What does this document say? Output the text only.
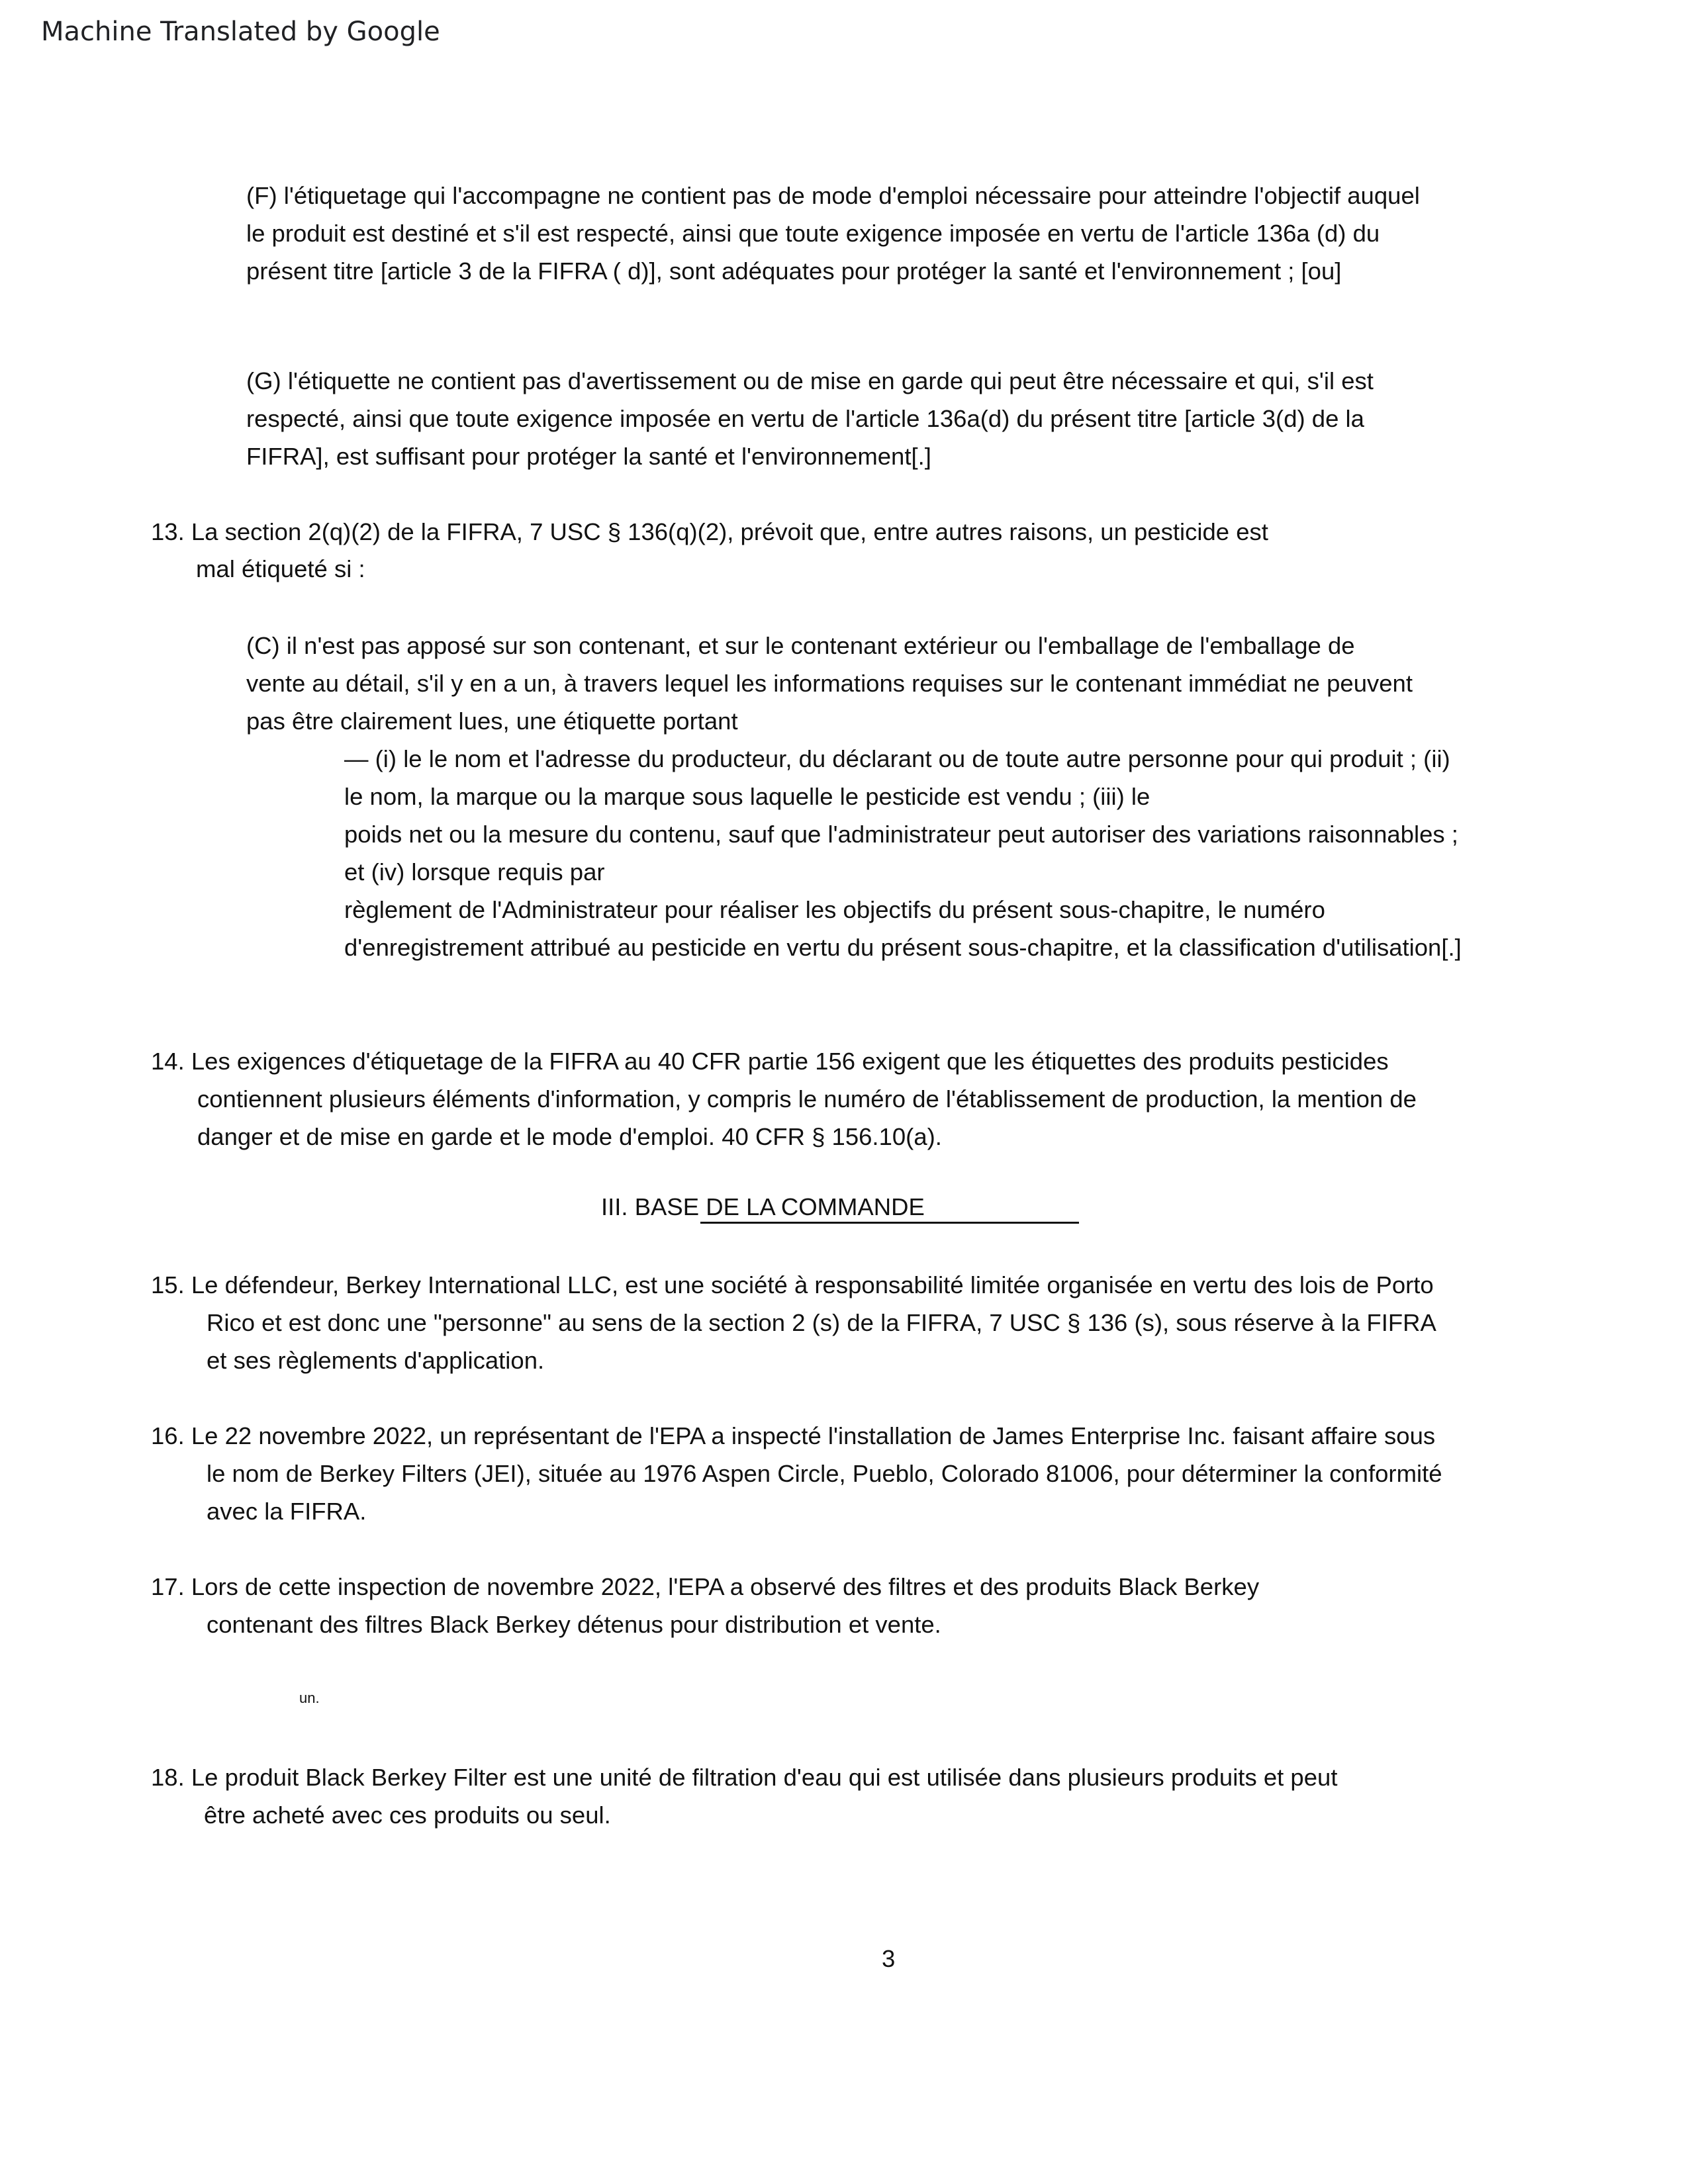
Machine Translated by Google

(F) l'étiquetage qui l'accompagne ne contient pas de mode d'emploi nécessaire pour atteindre l'objectif auquel

le produit est destiné et s'il est respecté, ainsi que toute exigence imposée en vertu de l'article 136a (d) du

présent titre [article 3 de la FIFRA ( d)], sont adéquates pour protéger la santé et l'environnement ; [ou]

(G) l'étiquette ne contient pas d'avertissement ou de mise en garde qui peut être nécessaire et qui, s'il est

respecté, ainsi que toute exigence imposée en vertu de l'article 136a(d) du présent titre [article 3(d) de la

FIFRA], est suffisant pour protéger la santé et l'environnement[.]

13. La section 2(q)(2) de la FIFRA, 7 USC § 136(q)(2), prévoit que, entre autres raisons, un pesticide est

mal étiqueté si :

(C) il n'est pas apposé sur son contenant, et sur le contenant extérieur ou l'emballage de l'emballage de

vente au détail, s'il y en a un, à travers lequel les informations requises sur le contenant immédiat ne peuvent

pas être clairement lues, une étiquette portant

— (i) le le nom et l'adresse du producteur, du déclarant ou de toute autre personne pour qui produit ; (ii)

le nom, la marque ou la marque sous laquelle le pesticide est vendu ; (iii) le

poids net ou la mesure du contenu, sauf que l'administrateur peut autoriser des variations raisonnables ;

et (iv) lorsque requis par

règlement de l'Administrateur pour réaliser les objectifs du présent sous-chapitre, le numéro

d'enregistrement attribué au pesticide en vertu du présent sous-chapitre, et la classification d'utilisation[.]

14. Les exigences d'étiquetage de la FIFRA au 40 CFR partie 156 exigent que les étiquettes des produits pesticides

contiennent plusieurs éléments d'information, y compris le numéro de l'établissement de production, la mention de

danger et de mise en garde et le mode d'emploi. 40 CFR § 156.10(a).

III. BASE DE LA COMMANDE

15. Le défendeur, Berkey International LLC, est une société à responsabilité limitée organisée en vertu des lois de Porto

Rico et est donc une "personne" au sens de la section 2 (s) de la FIFRA, 7 USC § 136 (s), sous réserve à la FIFRA

et ses règlements d'application.

16. Le 22 novembre 2022, un représentant de l'EPA a inspecté l'installation de James Enterprise Inc. faisant affaire sous

le nom de Berkey Filters (JEI), située au 1976 Aspen Circle, Pueblo, Colorado 81006, pour déterminer la conformité

avec la FIFRA.

17. Lors de cette inspection de novembre 2022, l'EPA a observé des filtres et des produits Black Berkey

contenant des filtres Black Berkey détenus pour distribution et vente.

un.

18. Le produit Black Berkey Filter est une unité de filtration d'eau qui est utilisée dans plusieurs produits et peut

être acheté avec ces produits ou seul.

3
